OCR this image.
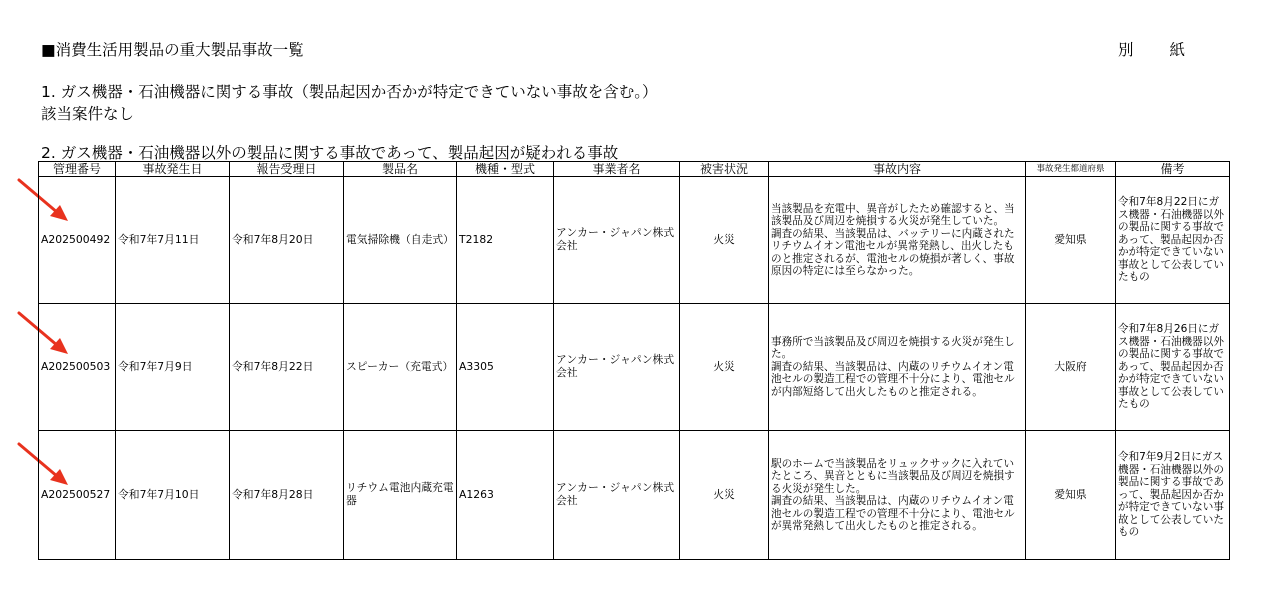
■消費生活用製品の重大製品事故一覧	別 紙
1. ガス機器・石油機器に関する事故（製品起因か否かが特定できていない事故を含む。）
該当案件なし
2. ガス機器・石油機器以外の製品に関する事故であって、製品起因が疑われる事故
管理番号	事故発生日	報告受理日	製品名	機種・型式	事業者名	被害状況	事故内容	事故発生都道府県	備考
A202500492	令和7年7月11日	令和7年8月20日	電気掃除機（自走式）	T2182	アンカー・ジャパン株式会社	火災	当該製品を充電中、異音がしたため確認すると、当該製品及び周辺を焼損する火災が発生していた。
調査の結果、当該製品は、バッテリーに内蔵されたリチウムイオン電池セルが異常発熱し、出火したものと推定されるが、電池セルの焼損が著しく、事故原因の特定には至らなかった。	愛知県	令和7年8月22日にガス機器・石油機器以外の製品に関する事故であって、製品起因か否かが特定できていない事故として公表していたもの
A202500503	令和7年7月9日	令和7年8月22日	スピーカー（充電式）	A3305	アンカー・ジャパン株式会社	火災	事務所で当該製品及び周辺を焼損する火災が発生した。
調査の結果、当該製品は、内蔵のリチウムイオン電池セルの製造工程での管理不十分により、電池セルが内部短絡して出火したものと推定される。	大阪府	令和7年8月26日にガス機器・石油機器以外の製品に関する事故であって、製品起因か否かが特定できていない事故として公表していたもの
A202500527	令和7年7月10日	令和7年8月28日	リチウム電池内蔵充電器	A1263	アンカー・ジャパン株式会社	火災	駅のホームで当該製品をリュックサックに入れていたところ、異音とともに当該製品及び周辺を焼損する火災が発生した。
調査の結果、当該製品は、内蔵のリチウムイオン電池セルの製造工程での管理不十分により、電池セルが異常発熱して出火したものと推定される。	愛知県	令和7年9月2日にガス機器・石油機器以外の製品に関する事故であって、製品起因か否かが特定できていない事故として公表していたもの
